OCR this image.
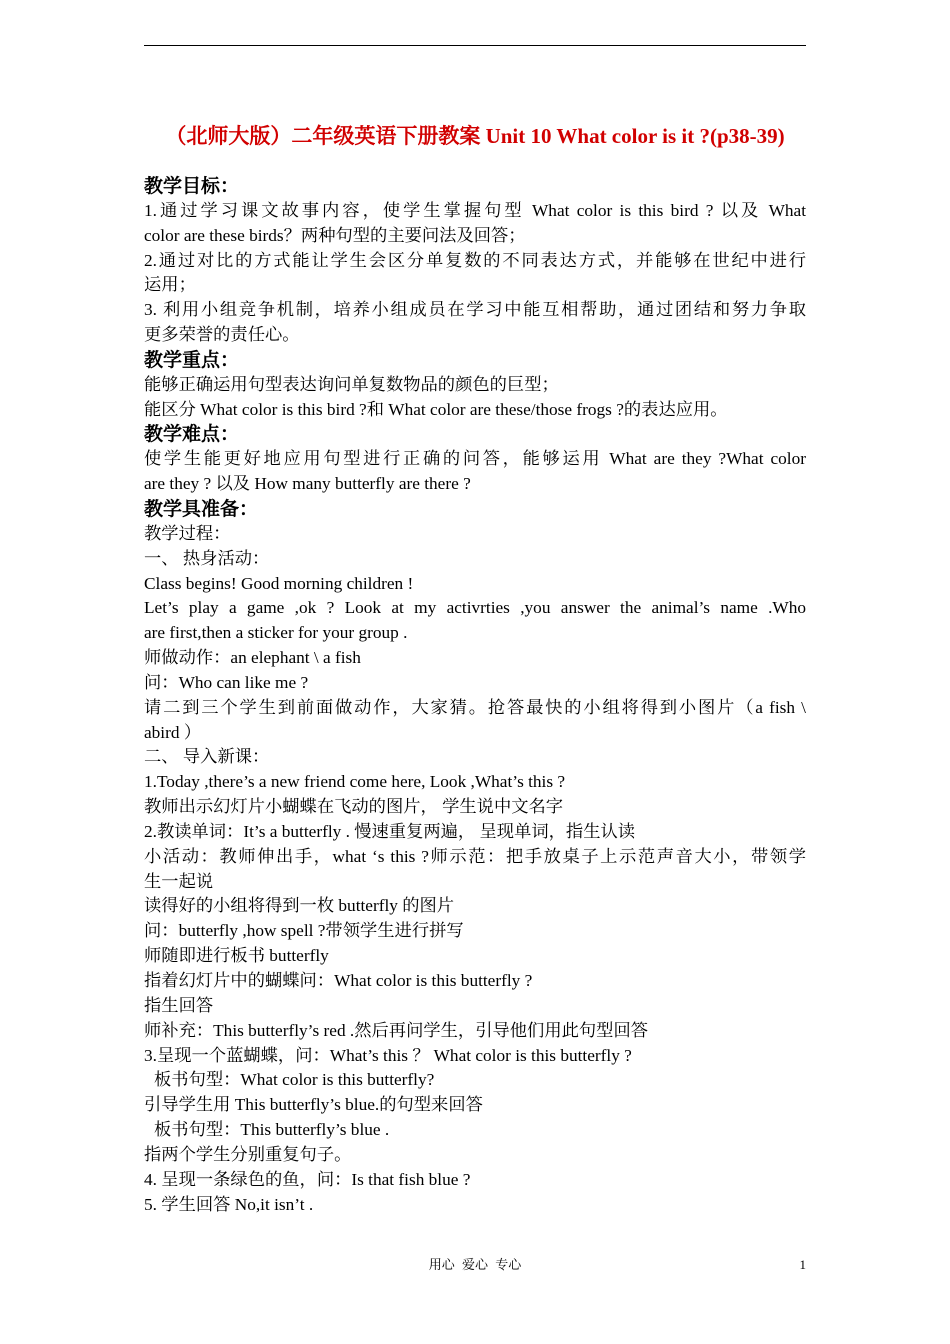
（北师大版）二年级英语下册教案 Unit 10 What color is it ?(p38-39)
教学目标：
1.通过学习课文故事内容，使学生掌握句型 What color is this bird ? 以及 What
color are these birds？两种句型的主要问法及回答；
2.通过对比的方式能让学生会区分单复数的不同表达方式，并能够在世纪中进行
运用；
3. 利用小组竞争机制，培养小组成员在学习中能互相帮助，通过团结和努力争取
更多荣誉的责任心。
教学重点：
能够正确运用句型表达询问单复数物品的颜色的巨型；
能区分 What color is this bird ?和 What color are these/those frogs ?的表达应用。
教学难点：
使学生能更好地应用句型进行正确的问答，能够运用 What are they ?What color
are they ? 以及 How many butterfly are there ?
教学具准备：
教学过程：
一、 热身活动：
Class begins! Good morning children !
Let’s play a game ,ok ? Look at my activrties ,you answer the animal’s name .Who
are first,then a sticker for your group .
师做动作：an elephant \ a fish
问：Who can like me ?
请二到三个学生到前面做动作，大家猜。抢答最快的小组将得到小图片（a fish \
abird ）
二、 导入新课：
1.Today ,there’s a new friend come here, Look ,What’s this ?
教师出示幻灯片小蝴蝶在飞动的图片， 学生说中文名字
2.教读单词：It’s a butterfly . 慢速重复两遍， 呈现单词，指生认读
小活动：教师伸出手，what ‘s this ?师示范：把手放桌子上示范声音大小，带领学
生一起说
读得好的小组将得到一枚 butterfly 的图片
问：butterfly ,how spell ?带领学生进行拼写
师随即进行板书 butterfly
指着幻灯片中的蝴蝶问：What color is this butterfly ?
指生回答
师补充：This butterfly’s red .然后再问学生，引导他们用此句型回答
3.呈现一个蓝蝴蝶，问：What’s this ？ What color is this butterfly ?
板书句型：What color is this butterfly?
引导学生用 This butterfly’s blue.的句型来回答
板书句型：This butterfly’s blue .
指两个学生分别重复句子。
4. 呈现一条绿色的鱼，问：Is that fish blue ?
5. 学生回答 No,it isn’t .
用心 爱心 专心	1
